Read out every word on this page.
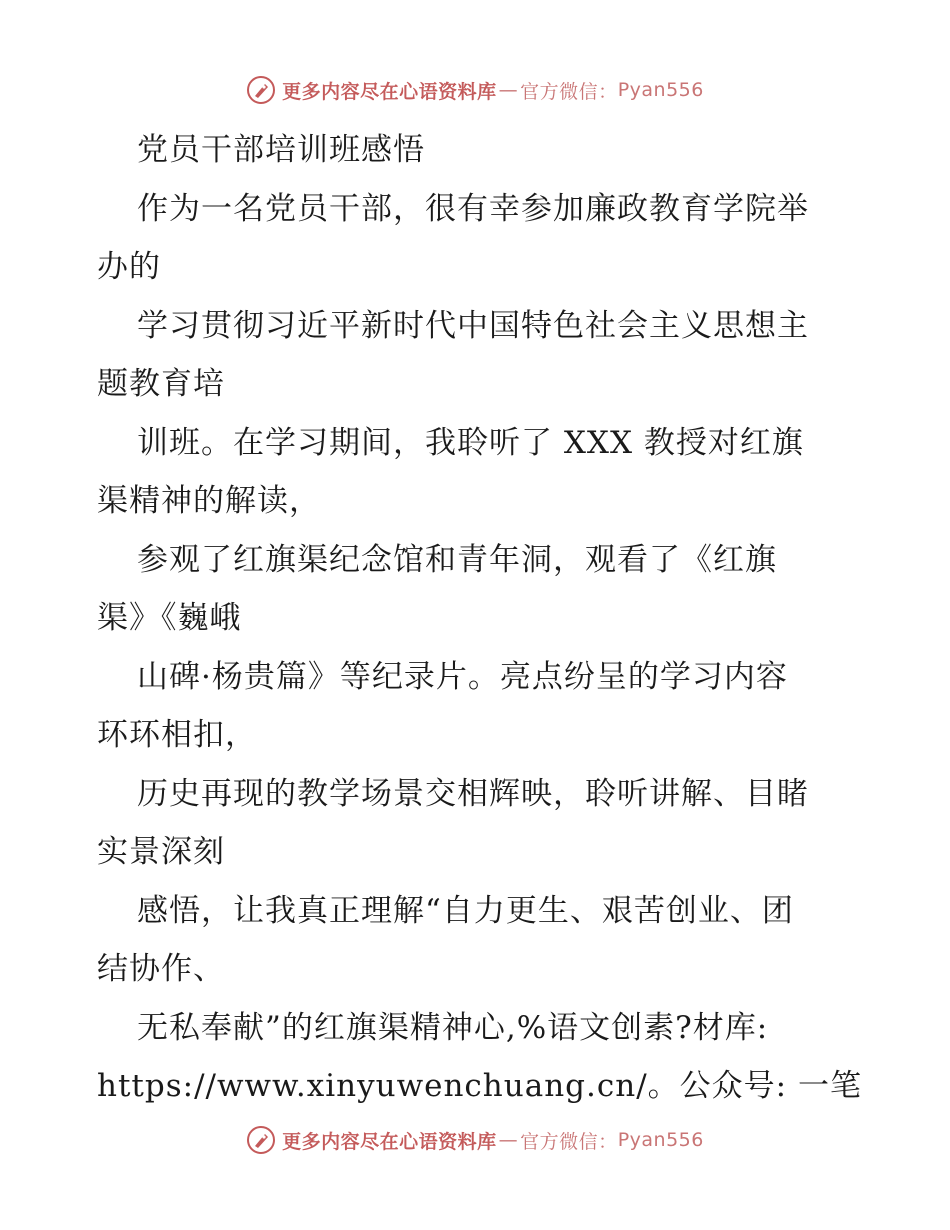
更多内容尽在心语资料库 — 官方微信： Pyan556
党员干部培训班感悟
作为一名党员干部，很有幸参加廉政教育学院举
办的
学习贯彻习近平新时代中国特色社会主义思想主
题教育培
训班。在学习期间，我聆听了 XXX 教授对红旗
渠精神的解读，
参观了红旗渠纪念馆和青年洞，观看了《红旗
渠》《巍峨
山碑·杨贵篇》等纪录片。亮点纷呈的学习内容
环环相扣，
历史再现的教学场景交相辉映，聆听讲解、目睹
实景深刻
感悟，让我真正理解“自力更生、艰苦创业、团
结协作、
无私奉献”的红旗渠精神心,%语文创素?材库:
https://www.xinyuwenchuang.cn/。公众号: 一笔
更多内容尽在心语资料库 — 官方微信： Pyan556
